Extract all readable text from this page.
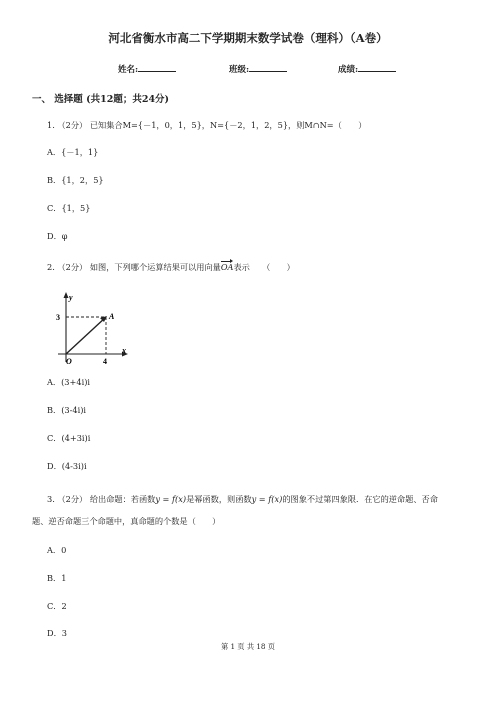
河北省衡水市高二下学期期末数学试卷（理科）（A卷）
姓名:	班级:	成绩:
一、 选择题 (共12题；共24分)
1. （2分） 已知集合M={－1，0，1，5}，N={－2，1，2，5}，则M∩N=（　　）
A．{－1，1}
B．{1，2，5}
C．{1，5}
D．φ
2. （2分） 如图，下列哪个运算结果可以用向量OA表示　　（　　）
y
x
O
A
3
4
A．(3+4i)i
B．(3-4i)i
C．(4+3i)i
D．(4-3i)i
3. （2分） 给出命题：若函数y = f(x)是幂函数，则函数y = f(x)的图象不过第四象限．在它的逆命题、否命
题、逆否命题三个命题中，真命题的个数是（　　）
A．0
B．1
C．2
D．3
第 1 页 共 18 页
